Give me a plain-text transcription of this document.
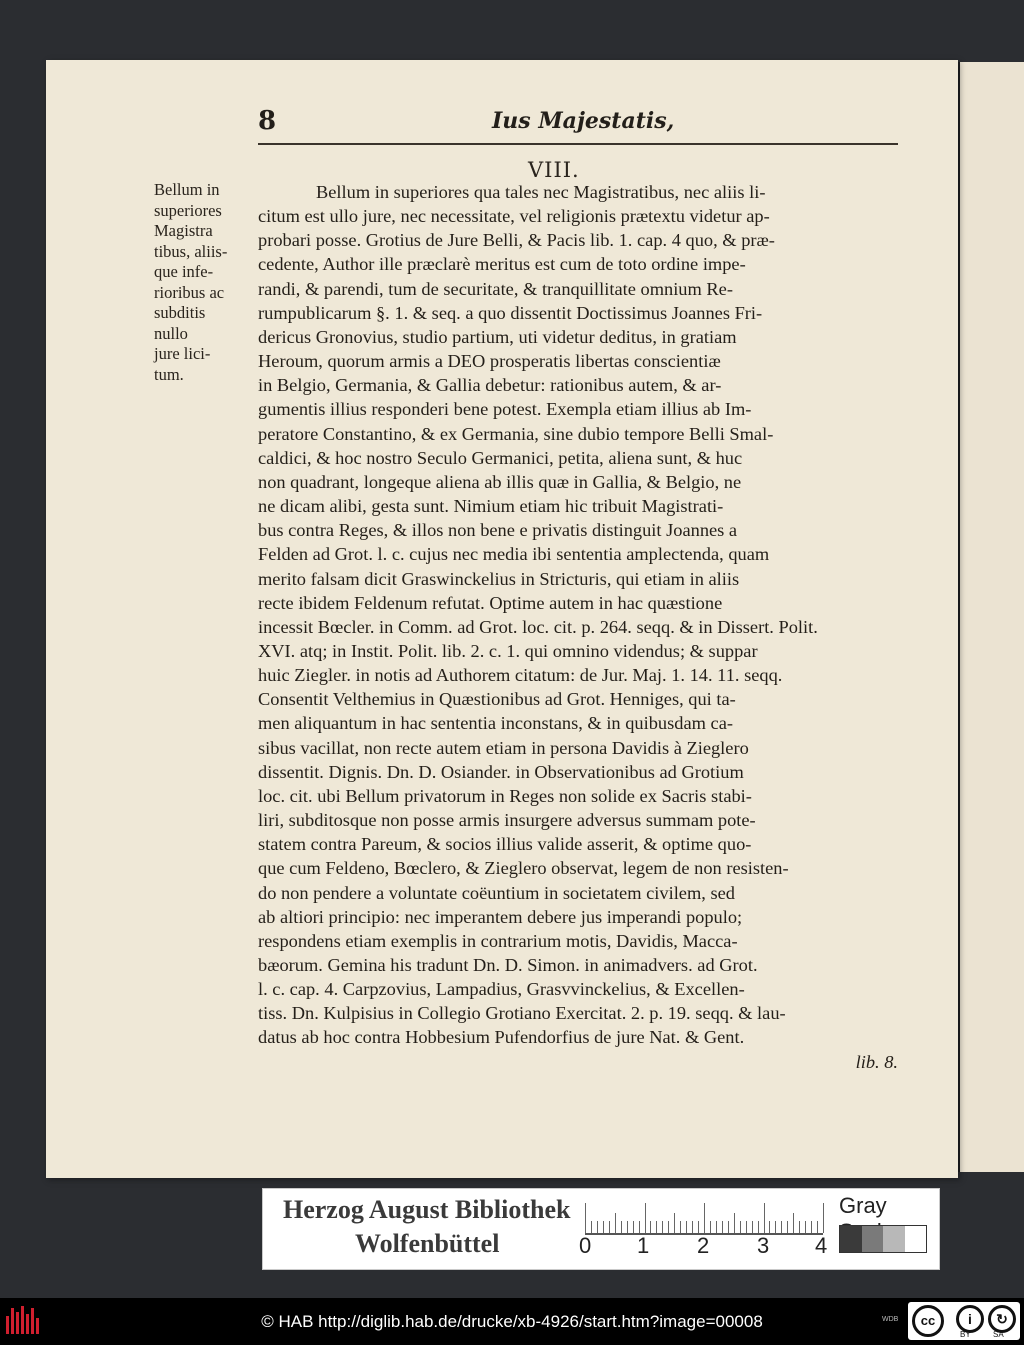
8	Ius Majestatis,
VIII.
Bellum in
superiores
Magistra
tibus, aliis-
que infe-
rioribus ac
subditis
nullo
jure lici-
tum.
Bellum in superiores qua tales nec Magistratibus, nec aliis li-
citum est ullo jure, nec necessitate, vel religionis prætextu videtur ap-
probari posse. Grotius de Jure Belli, & Pacis lib. 1. cap. 4 quo, & præ-
cedente, Author ille præclarè meritus est cum de toto ordine impe-
randi, & parendi, tum de securitate, & tranquillitate omnium Re-
rumpublicarum §. 1. & seq. a quo dissentit Doctissimus Joannes Fri-
dericus Gronovius, studio partium, uti videtur deditus, in gratiam
Heroum, quorum armis a DEO prosperatis libertas conscientiæ
in Belgio, Germania, & Gallia debetur: rationibus autem, & ar-
gumentis illius responderi bene potest. Exempla etiam illius ab Im-
peratore Constantino, & ex Germania, sine dubio tempore Belli Smal-
caldici, & hoc nostro Seculo Germanici, petita, aliena sunt, & huc
non quadrant, longeque aliena ab illis quæ in Gallia, & Belgio, ne
ne dicam alibi, gesta sunt. Nimium etiam hic tribuit Magistrati-
bus contra Reges, & illos non bene e privatis distinguit Joannes a
Felden ad Grot. l. c. cujus nec media ibi sententia amplectenda, quam
merito falsam dicit Graswinckelius in Stricturis, qui etiam in aliis
recte ibidem Feldenum refutat. Optime autem in hac quæstione
incessit Bœcler. in Comm. ad Grot. loc. cit. p. 264. seqq. & in Dissert. Polit.
XVI. atq; in Instit. Polit. lib. 2. c. 1. qui omnino videndus; & suppar
huic Ziegler. in notis ad Authorem citatum: de Jur. Maj. 1. 14. 11. seqq.
Consentit Velthemius in Quæstionibus ad Grot. Henniges, qui ta-
men aliquantum in hac sententia inconstans, & in quibusdam ca-
sibus vacillat, non recte autem etiam in persona Davidis à Zieglero
dissentit. Dignis. Dn. D. Osiander. in Observationibus ad Grotium
loc. cit. ubi Bellum privatorum in Reges non solide ex Sacris stabi-
liri, subditosque non posse armis insurgere adversus summam pote-
statem contra Pareum, & socios illius valide asserit, & optime quo-
que cum Feldeno, Bœclero, & Zieglero observat, legem de non resisten-
do non pendere a voluntate coëuntium in societatem civilem, sed
ab altiori principio: nec imperantem debere jus imperandi populo;
respondens etiam exemplis in contrarium motis, Davidis, Macca-
bæorum. Gemina his tradunt Dn. D. Simon. in animadvers. ad Grot.
l. c. cap. 4. Carpzovius, Lampadius, Grasvvinckelius, & Excellen-
tiss. Dn. Kulpisius in Collegio Grotiano Exercitat. 2. p. 19. seqq. & lau-
datus ab hoc contra Hobbesium Pufendorfius de jure Nat. & Gent.
lib. 8.
Herzog August Bibliothek
Wolfenbüttel	0 1 2 3 4
Gray
© HAB http://diglib.hab.de/drucke/xb-4926/start.htm?image=00008	WDB	cc	i	↻
BY	SA
